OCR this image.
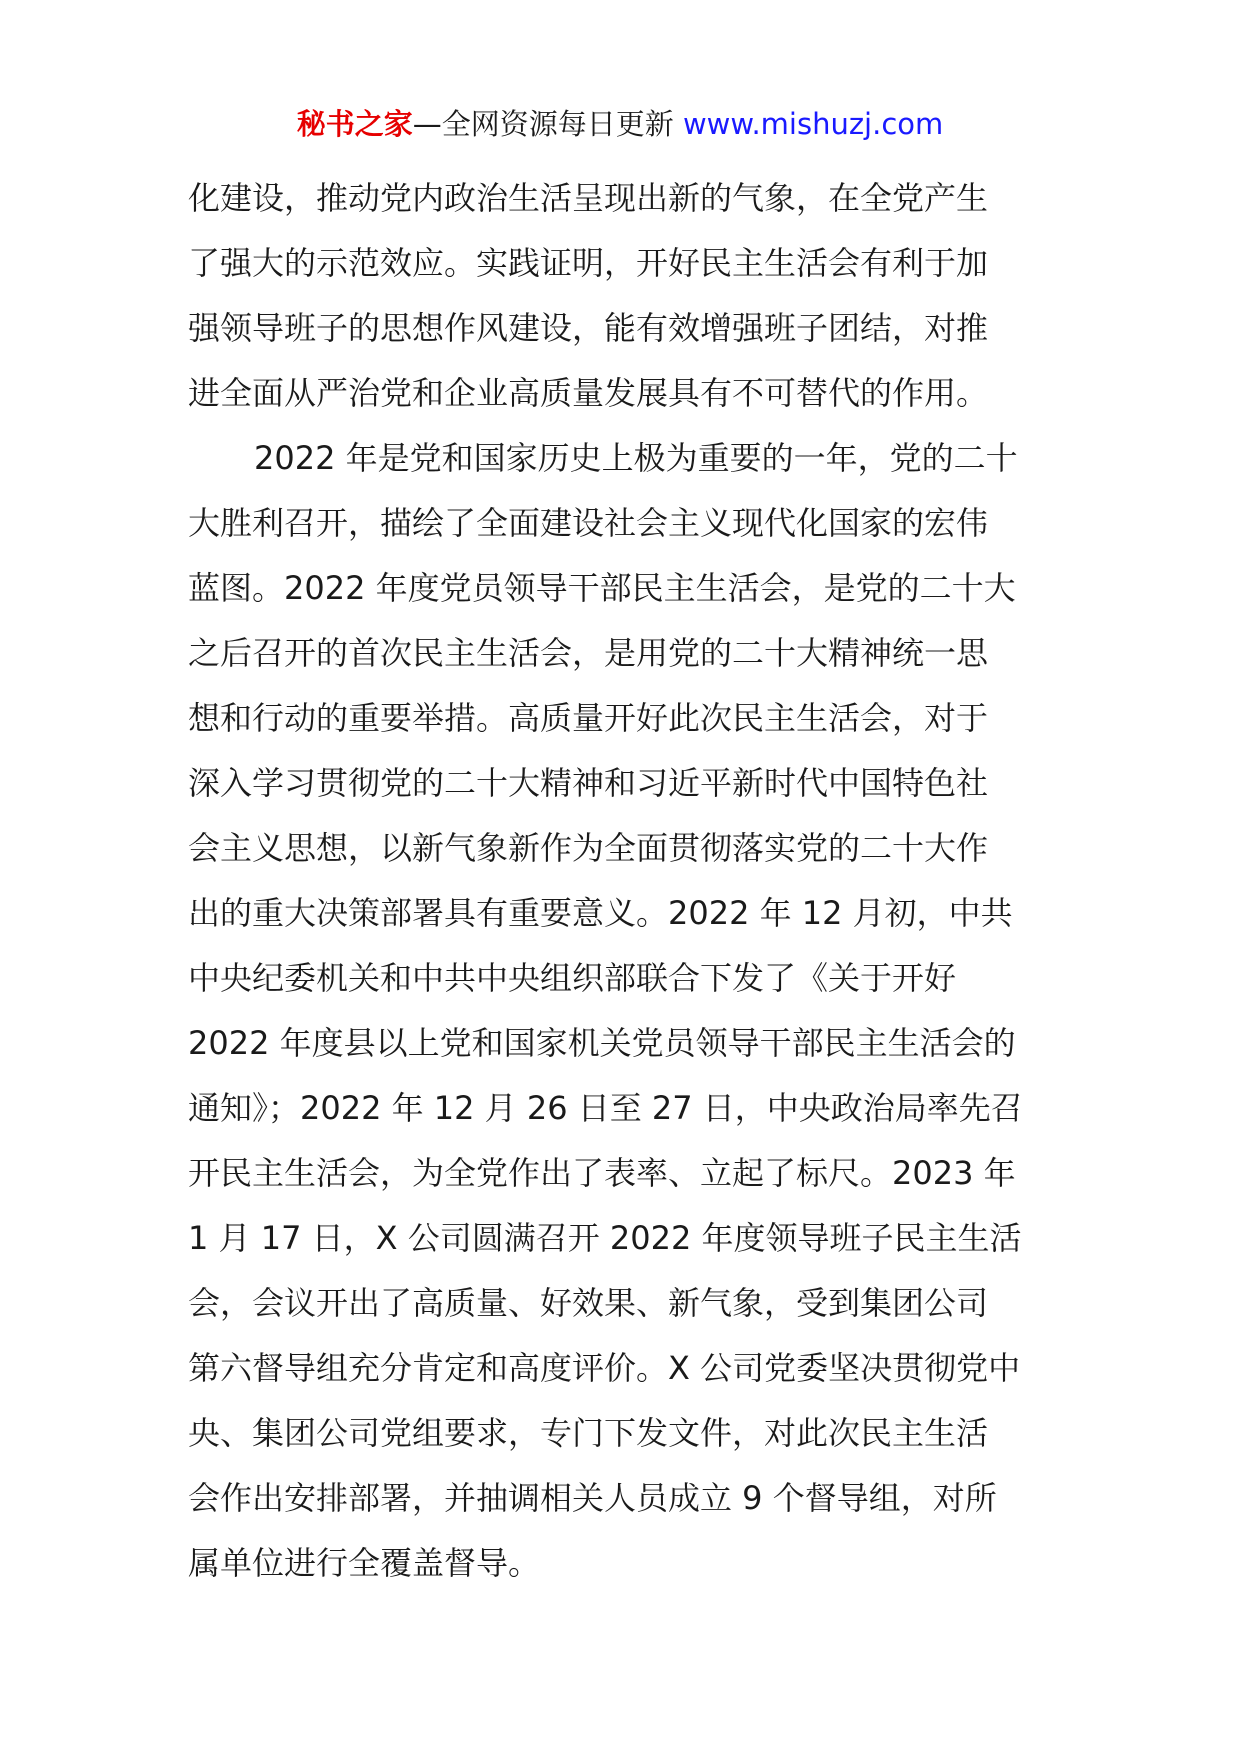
秘书之家—全网资源每日更新 www.mishuzj.com
化建设，推动党内政治生活呈现出新的气象，在全党产生
了强大的示范效应。实践证明，开好民主生活会有利于加
强领导班子的思想作风建设，能有效增强班子团结，对推
进全面从严治党和企业高质量发展具有不可替代的作用。
2022 年是党和国家历史上极为重要的一年，党的二十
大胜利召开，描绘了全面建设社会主义现代化国家的宏伟
蓝图。2022 年度党员领导干部民主生活会，是党的二十大
之后召开的首次民主生活会，是用党的二十大精神统一思
想和行动的重要举措。高质量开好此次民主生活会，对于
深入学习贯彻党的二十大精神和习近平新时代中国特色社
会主义思想，以新气象新作为全面贯彻落实党的二十大作
出的重大决策部署具有重要意义。2022 年 12 月初，中共
中央纪委机关和中共中央组织部联合下发了《关于开好
2022 年度县以上党和国家机关党员领导干部民主生活会的
通知》；2022 年 12 月 26 日至 27 日，中央政治局率先召
开民主生活会，为全党作出了表率、立起了标尺。2023 年
1 月 17 日，X 公司圆满召开 2022 年度领导班子民主生活
会，会议开出了高质量、好效果、新气象，受到集团公司
第六督导组充分肯定和高度评价。X 公司党委坚决贯彻党中
央、集团公司党组要求，专门下发文件，对此次民主生活
会作出安排部署，并抽调相关人员成立 9 个督导组，对所
属单位进行全覆盖督导。
